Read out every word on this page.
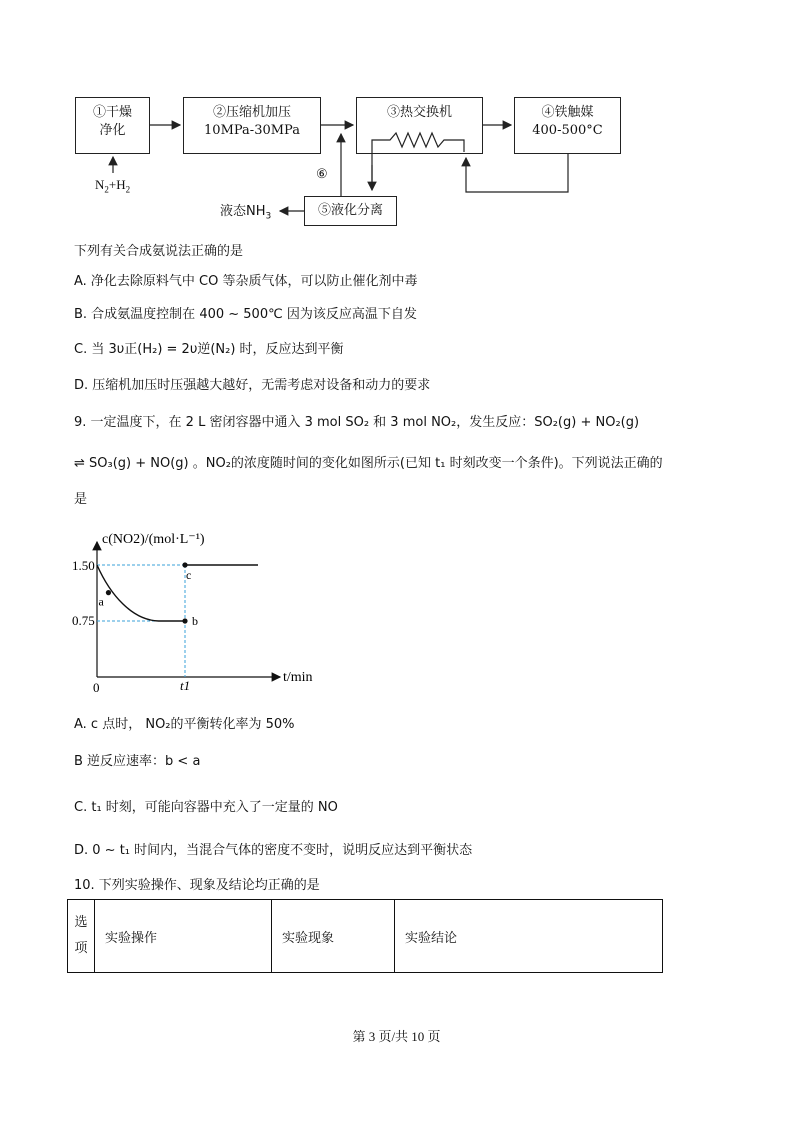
①干燥
净化
②压缩机加压
10MPa-30MPa
③热交换机	④铁触媒
400-500°C
⑤液化分离
$N_2+H_2$
⑥
液态$NH_3$
下列有关合成氨说法正确的是
A. 净化去除原料气中 CO 等杂质气体，可以防止催化剂中毒
B. 合成氨温度控制在 400 ~ 500℃ 因为该反应高温下自发
C. 当 3υ正(H₂) = 2υ逆(N₂) 时，反应达到平衡
D. 压缩机加压时压强越大越好，无需考虑对设备和动力的要求
9. 一定温度下，在 2 L 密闭容器中通入 3 mol SO₂ 和 3 mol NO₂，发生反应：SO₂(g) + NO₂(g)
⇌ SO₃(g) + NO(g) 。NO₂的浓度随时间的变化如图所示(已知 t₁ 时刻改变一个条件)。下列说法正确的
是
a
b
c
c(NO2)/(mol·L⁻¹)
t/min
0
1.50
0.75
t1
A. c 点时， NO₂的平衡转化率为 50%
B 逆反应速率：b < a
C. t₁ 时刻，可能向容器中充入了一定量的 NO
D. 0 ~ t₁ 时间内，当混合气体的密度不变时，说明反应达到平衡状态
10. 下列实验操作、现象及结论均正确的是
选项	实验操作	实验现象	实验结论
第 3 页/共 10 页
